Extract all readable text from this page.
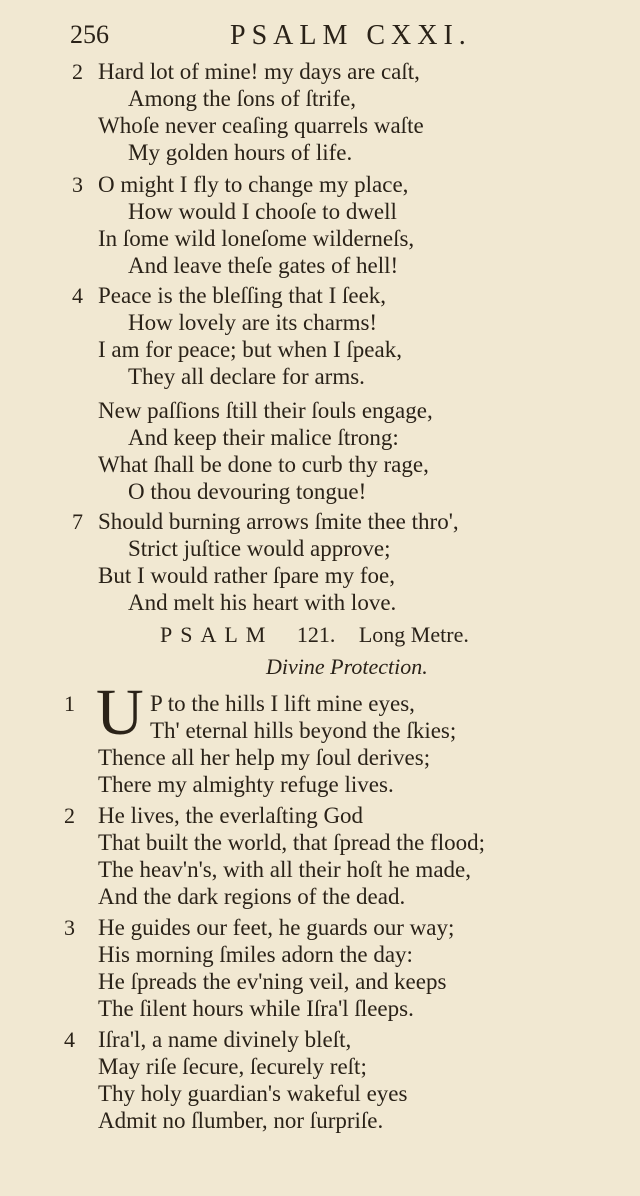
256	PSALM CXXI.
2 Hard lot of mine! my days are caſt,
Among the ſons of ſtrife,
Whoſe never ceaſing quarrels waſte
My golden hours of life.
3 O might I fly to change my place,
How would I chooſe to dwell
In ſome wild loneſome wilderneſs,
And leave theſe gates of hell!
4 Peace is the bleſſing that I ſeek,
How lovely are its charms!
I am for peace; but when I ſpeak,
They all declare for arms.
New paſſions ſtill their ſouls engage,
And keep their malice ſtrong:
What ſhall be done to curb thy rage,
O thou devouring tongue!
7 Should burning arrows ſmite thee thro',
Strict juſtice would approve;
But I would rather ſpare my foe,
And melt his heart with love.
PSALM 121. Long Metre.
Divine Protection.
U
1	P to the hills I lift mine eyes,
Th' eternal hills beyond the ſkies;
Thence all her help my ſoul derives;
There my almighty refuge lives.
2 He lives, the everlaſting God
That built the world, that ſpread the flood;
The heav'n's, with all their hoſt he made,
And the dark regions of the dead.
3 He guides our feet, he guards our way;
His morning ſmiles adorn the day:
He ſpreads the ev'ning veil, and keeps
The ſilent hours while Iſra'l ſleeps.
4 Iſra'l, a name divinely bleſt,
May riſe ſecure, ſecurely reſt;
Thy holy guardian's wakeful eyes
Admit no ſlumber, nor ſurpriſe.
